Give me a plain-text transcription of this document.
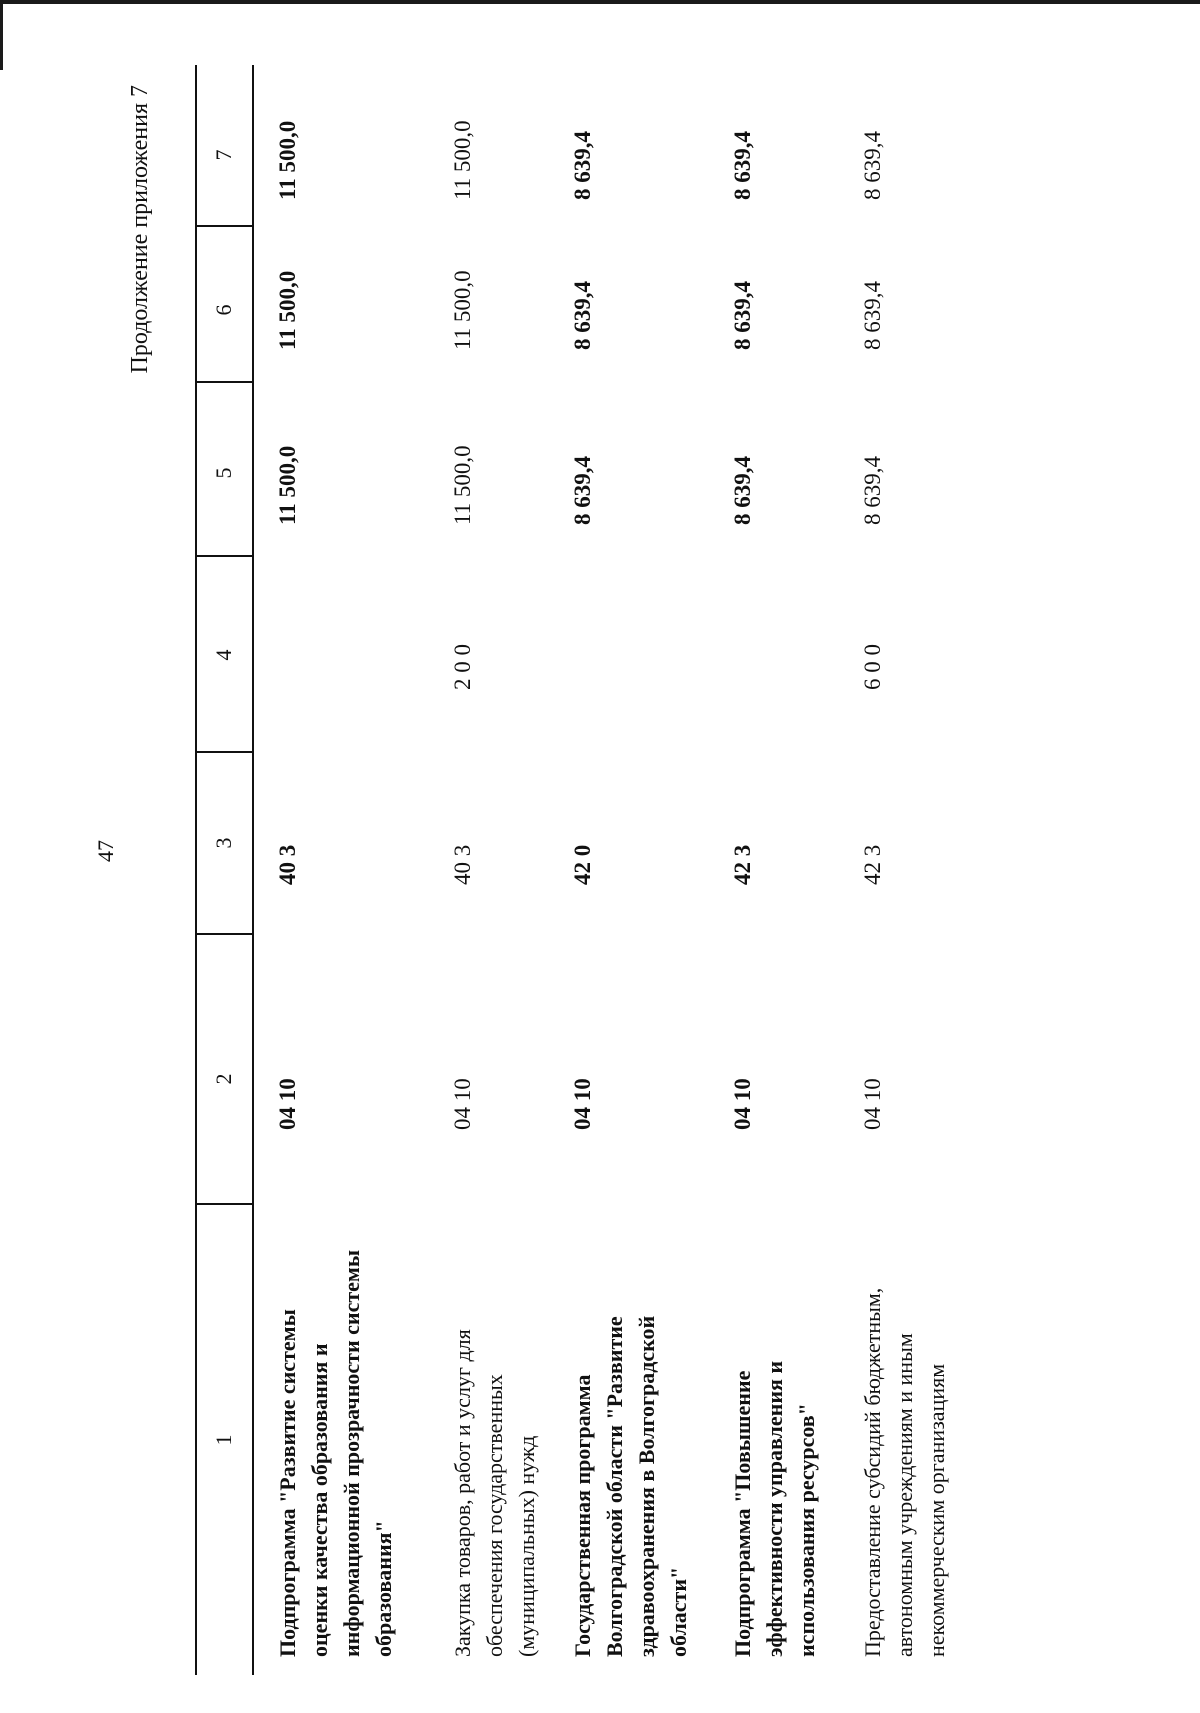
47
Продолжение приложения 7
1
2
3
4
5
6
7
Подпрограмма "Развитие системы оценки качества образования и информационной прозрачности системы образования"
04 10
40 3
11 500,0
11 500,0
11 500,0
Закупка товаров, работ и услуг для обеспечения государственных (муниципальных) нужд
04 10
40 3
2 0 0
11 500,0
11 500,0
11 500,0
Государственная программа Волгоградской области "Развитие здравоохранения в Волгоградской области"
04 10
42 0
8 639,4
8 639,4
8 639,4
Подпрограмма "Повышение эффективности управления и использования ресурсов"
04 10
42 3
8 639,4
8 639,4
8 639,4
Предоставление субсидий бюджетным, автономным учреждениям и иным некоммерческим организациям
04 10
42 3
6 0 0
8 639,4
8 639,4
8 639,4
